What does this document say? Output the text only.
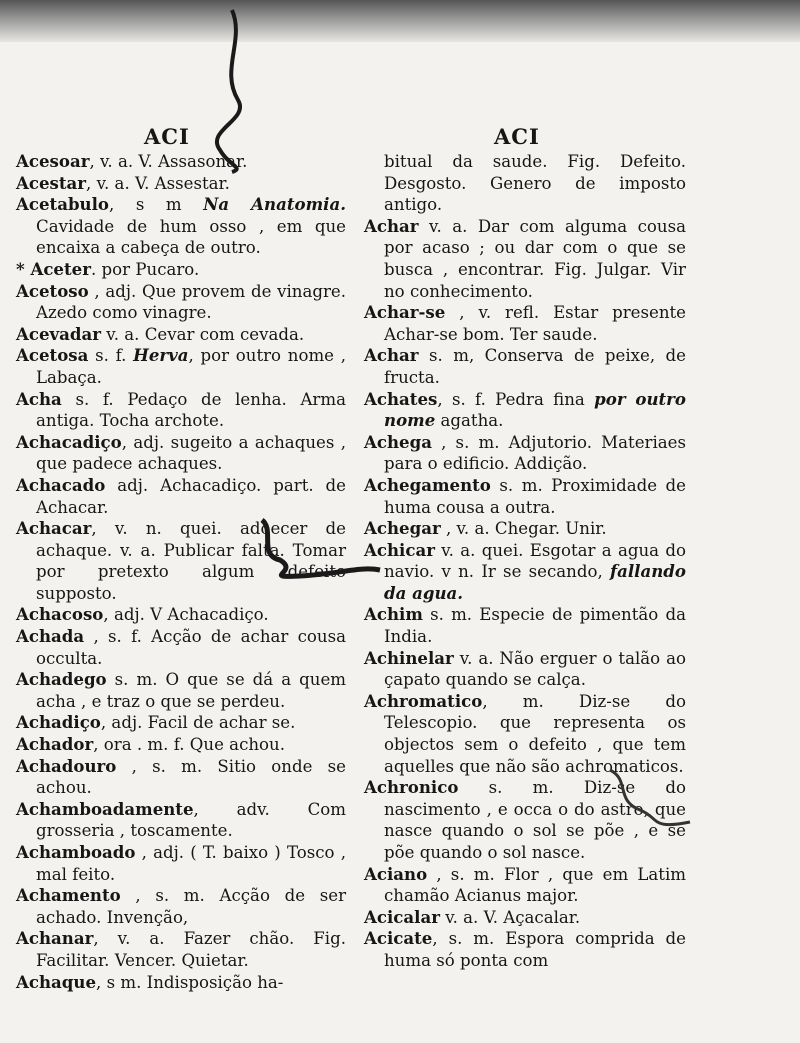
ACI

Acesoar, v. a. V. Assasonar.

Acestar, v. a. V. Assestar.

Acetabulo, s m Na Anatomia. Cavidade de hum osso , em que encaixa a cabeça de outro.

* Aceter. por Pucaro.

Acetoso , adj. Que provem de vinagre. Azedo como vinagre.

Acevadar v. a. Cevar com cevada.

Acetosa s. f. Herva, por outro nome , Labaça.

Acha s. f. Pedaço de lenha. Arma antiga. Tocha archote.

Achacadiço, adj. sugeito a achaques , que padece achaques.

Achacado adj. Achacadiço. part. de Achacar.

Achacar, v. n. quei. adoecer de achaque. v. a. Publicar falta. Tomar por pretexto algum defeito supposto.

Achacoso, adj. V Achacadiço.

Achada , s. f. Acção de achar cousa occulta.

Achadego s. m. O que se dá a quem acha , e traz o que se perdeu.

Achadiço, adj. Facil de achar se.

Achador, ora . m. f. Que achou.

Achadouro , s. m. Sitio onde se achou.

Achamboadamente, adv. Com grosseria , toscamente.

Achamboado , adj. ( T. baixo ) Tosco , mal feito.

Achamento , s. m. Acção de ser achado. Invenção,

Achanar, v. a. Fazer chão. Fig. Facilitar. Vencer. Quietar.

Achaque, s m. Indisposição ha-

ACI

bitual da saude. Fig. Defeito. Desgosto. Genero de imposto antigo.

Achar v. a. Dar com alguma cousa por acaso ; ou dar com o que se busca , encontrar. Fig. Julgar. Vir no conhecimento.

Achar-se , v. refl. Estar presente Achar-se bom. Ter saude.

Achar s. m, Conserva de peixe, de fructa.

Achates, s. f. Pedra fina por outro nome agatha.

Achega , s. m. Adjutorio. Materiaes para o edificio. Addição.

Achegamento s. m. Proximidade de huma cousa a outra.

Achegar , v. a. Chegar. Unir.

Achicar v. a. quei. Esgotar a agua do navio. v n. Ir se secando, fallando da agua.

Achim s. m. Especie de pimentão da India.

Achinelar v. a. Não erguer o talão ao çapato quando se calça.

Achromatico, m. Diz-se do Telescopio. que representa os objectos sem o defeito , que tem aquelles que não são achromaticos.

Achronico s. m. Diz-se do nascimento , e occa o do astro, que nasce quando o sol se põe , e se põe quando o sol nasce.

Aciano , s. m. Flor , que em Latim chamão Acianus major.

Acicalar v. a. V. Açacalar.

Acicate, s. m. Espora comprida de huma só ponta com
